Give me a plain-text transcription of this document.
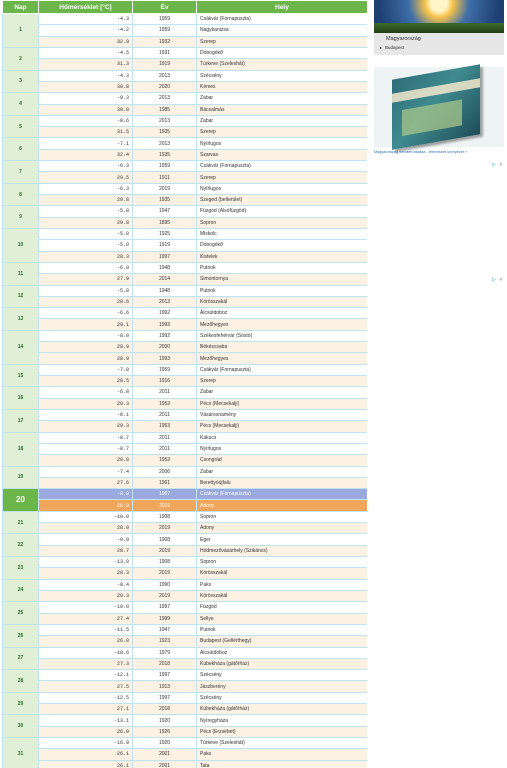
Nap	Hőmérséklet [°C]	Év	Hely
1	-4.3	1959	Csákvár (Fornapuszta)
	-4.2	1959	Nagykanizsa
	32.9	1932	Szerep
2	-4.5	1931	Dobogókő
	31.3	1919	Túrkeve (Szeleshát)
3	-4.3	2013	Szécsény
	30.8	2020	Kémes
4	-9.3	2013	Zabar
	30.0	1985	Bácsalmás
5	-8.6	2013	Zabar
	31.5	1935	Szerep
6	-7.1	2013	Nyírlugos
	32.4	1935	Szarvas
7	-6.3	1959	Csákvár (Fornapuszta)
	29.5	1911	Szerep
8	-6.3	2019	Nyírlugos
	29.8	1935	Szeged (belterület)
9	-5.8	1947	Füzgöd (Alsófüzgöd)
	29.8	1895	Sopron
10	-5.0	1925	Miskolc
	-5.0	1919	Dobogókő
	28.3	1997	Kistelek
11	-6.0	1948	Putnok
	27.9	2014	Simontornya
12	-5.0	1948	Putnok
	28.6	2013	Körösszakál
13	-6.6	1992	Alcsútdoboz
	29.1	1993	Mezőhegyes
14	-8.0	1992	Székesfehérvár (Sóstó)
	28.9	2000	Békéscsaba
	28.9	1993	Mezőhegyes
15	-7.8	1959	Csákvár (Fornapuszta)
	28.5	1916	Szerep
16	-6.8	2011	Zabar
	29.3	1953	Pécs (Mecsekalji)
17	-8.1	2011	Vásárosnamény
	29.3	1953	Pécs (Mecsekalji)
18	-8.7	2011	Kakucs
	-8.7	2011	Nyírlugos
	28.8	1953	Csongrád
19	-7.4	2006	Zabar
	27.6	1961	Berettyóújfalu
20	-8.0	1967	Csákvár (Fornapuszta)
	28.9	2019	Adony
21	-10.0	1908	Sopron
	28.0	2019	Adony
22	-9.0	1908	Eger
	28.7	2019	Hódmezővásárhely (Szikáncs)
23	-13.0	1908	Sopron
	28.3	2019	Körösszakál
24	-8.4	1990	Paks
	29.3	2019	Körösszakál
25	-10.0	1997	Füzgöd
	27.4	1999	Sellye
26	-11.5	1947	Putnok
	26.0	1923	Budapest (Gellérthegy)
27	-10.6	1979	Alcsútdoboz
	27.3	2018	Kübekháza (gátőrház)
28	-12.1	1997	Szécsény
	27.5	1913	Jászberény
29	-12.5	1997	Szécsény
	27.1	2018	Kübekháza (gátőrház)
30	-13.1	1920	Nyíregyháza
	26.0	1926	Pécs (Erzsébet)
31	-16.9	1920	Túrkeve (Szeleshát)
	26.1	2001	Paks
	26.1	2001	Tata
Magyarország
▸ Budapest
Magyarország nemzeti atlasza - természeti környezet »
▷ ✕
▷ ✕
